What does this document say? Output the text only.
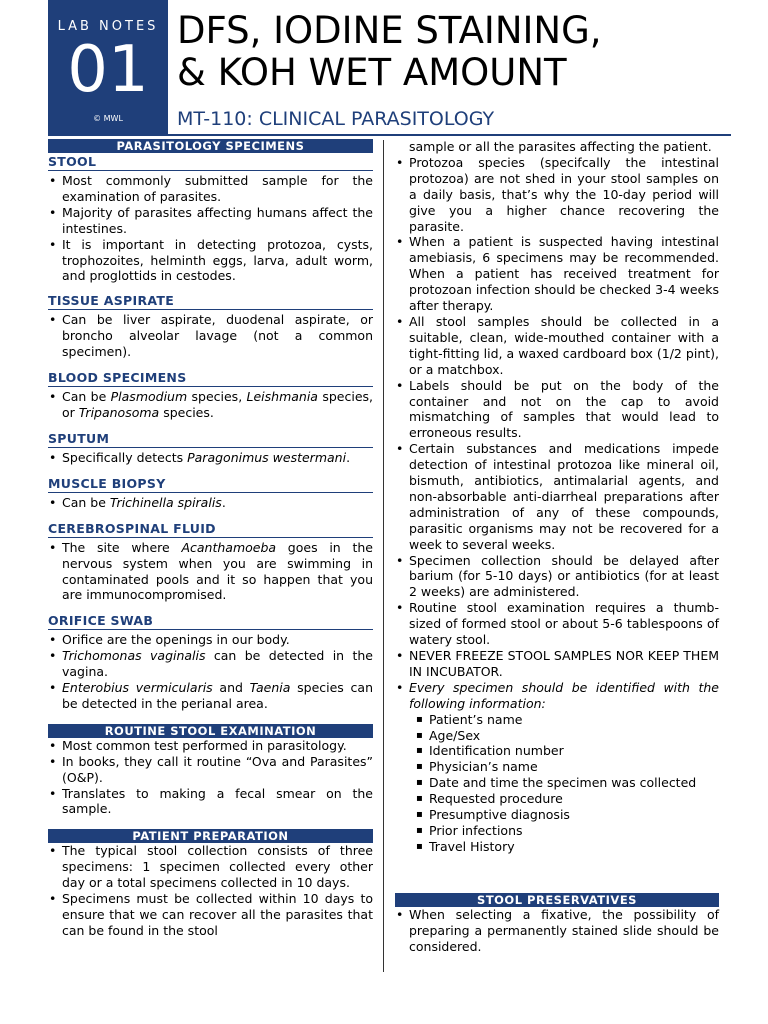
LAB NOTES
01
© MWL
DFS, IODINE STAINING,
& KOH WET AMOUNT
MT-110: CLINICAL PARASITOLOGY
PARASITOLOGY SPECIMENS
STOOL
• Most commonly submitted sample for the examination of parasites.
• Majority of parasites affecting humans affect the intestines.
• It is important in detecting protozoa, cysts, trophozoites, helminth eggs, larva, adult worm, and proglottids in cestodes.
TISSUE ASPIRATE
• Can be liver aspirate, duodenal aspirate, or broncho alveolar lavage (not a common specimen).
BLOOD SPECIMENS
• Can be Plasmodium species, Leishmania species, or Tripanosoma species.
SPUTUM
• Specifically detects Paragonimus westermani.
MUSCLE BIOPSY
• Can be Trichinella spiralis.
CEREBROSPINAL FLUID
• The site where Acanthamoeba goes in the nervous system when you are swimming in contaminated pools and it so happen that you are immunocompromised.
ORIFICE SWAB
• Orifice are the openings in our body.
• Trichomonas vaginalis can be detected in the vagina.
• Enterobius vermicularis and Taenia species can be detected in the perianal area.
ROUTINE STOOL EXAMINATION
• Most common test performed in parasitology.
• In books, they call it routine “Ova and Parasites” (O&P).
• Translates to making a fecal smear on the sample.
PATIENT PREPARATION
• The typical stool collection consists of three specimens: 1 specimen collected every other day or a total specimens collected in 10 days.
• Specimens must be collected within 10 days to ensure that we can recover all the parasites that can be found in the stool
sample or all the parasites affecting the patient.
• Protozoa species (specifcally the intestinal protozoa) are not shed in your stool samples on a daily basis, that’s why the 10-day period will give you a higher chance recovering the parasite.
• When a patient is suspected having intestinal amebiasis, 6 specimens may be recommended. When a patient has received treatment for protozoan infection should be checked 3-4 weeks after therapy.
• All stool samples should be collected in a suitable, clean, wide-mouthed container with a tight-fitting lid, a waxed cardboard box (1/2 pint), or a matchbox.
• Labels should be put on the body of the container and not on the cap to avoid mismatching of samples that would lead to erroneous results.
• Certain substances and medications impede detection of intestinal protozoa like mineral oil, bismuth, antibiotics, antimalarial agents, and non-absorbable anti-diarrheal preparations after administration of any of these compounds, parasitic organisms may not be recovered for a week to several weeks.
• Specimen collection should be delayed after barium (for 5-10 days) or antibiotics (for at least 2 weeks) are administered.
• Routine stool examination requires a thumb-sized of formed stool or about 5-6 tablespoons of watery stool.
• NEVER FREEZE STOOL SAMPLES NOR KEEP THEM IN INCUBATOR.
• Every specimen should be identified with the following information:
▪ Patient’s name
▪ Age/Sex
▪ Identification number
▪ Physician’s name
▪ Date and time the specimen was collected
▪ Requested procedure
▪ Presumptive diagnosis
▪ Prior infections
▪ Travel History
STOOL PRESERVATIVES
• When selecting a fixative, the possibility of preparing a permanently stained slide should be considered.
